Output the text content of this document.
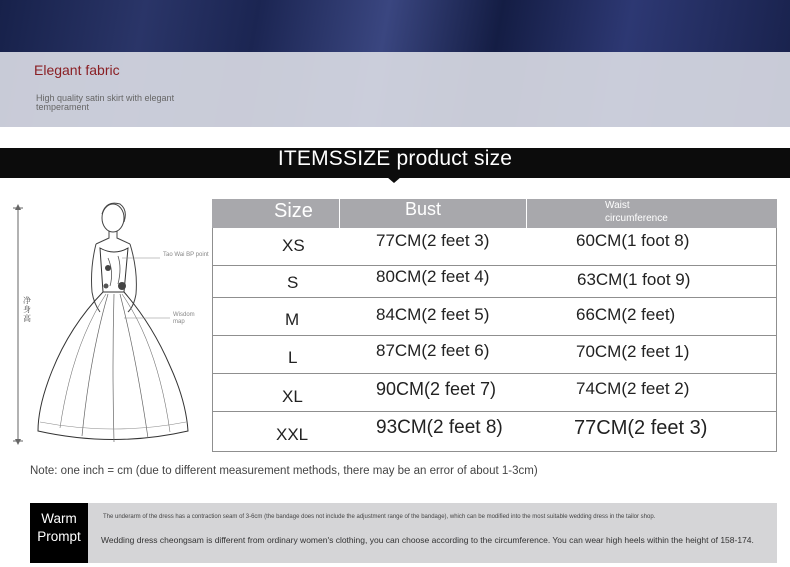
Elegant fabric
High quality satin skirt with elegant temperament
ITEMSSIZE product size
净身高
Tao Wai BP point
Wisdom map
Size	Bust	Waist circumference
XS	77CM(2 feet 3)	60CM(1 foot 8)
S	80CM(2 feet 4)	63CM(1 foot 9)
M	84CM(2 feet 5)	66CM(2 feet)
L	87CM(2 feet 6)	70CM(2 feet 1)
XL	90CM(2 feet 7)	74CM(2 feet 2)
XXL	93CM(2 feet 8)	77CM(2 feet 3)
Note: one inch = cm (due to different measurement methods, there may be an error of about 1-3cm)
Warm
Prompt
The underarm of the dress has a contraction seam of 3-6cm (the bandage does not include the adjustment range of the bandage), which can be modified into the most suitable wedding dress in the tailor shop.
Wedding dress cheongsam is different from ordinary women's clothing, you can choose according to the circumference. You can wear high heels within the height of 158-174.
